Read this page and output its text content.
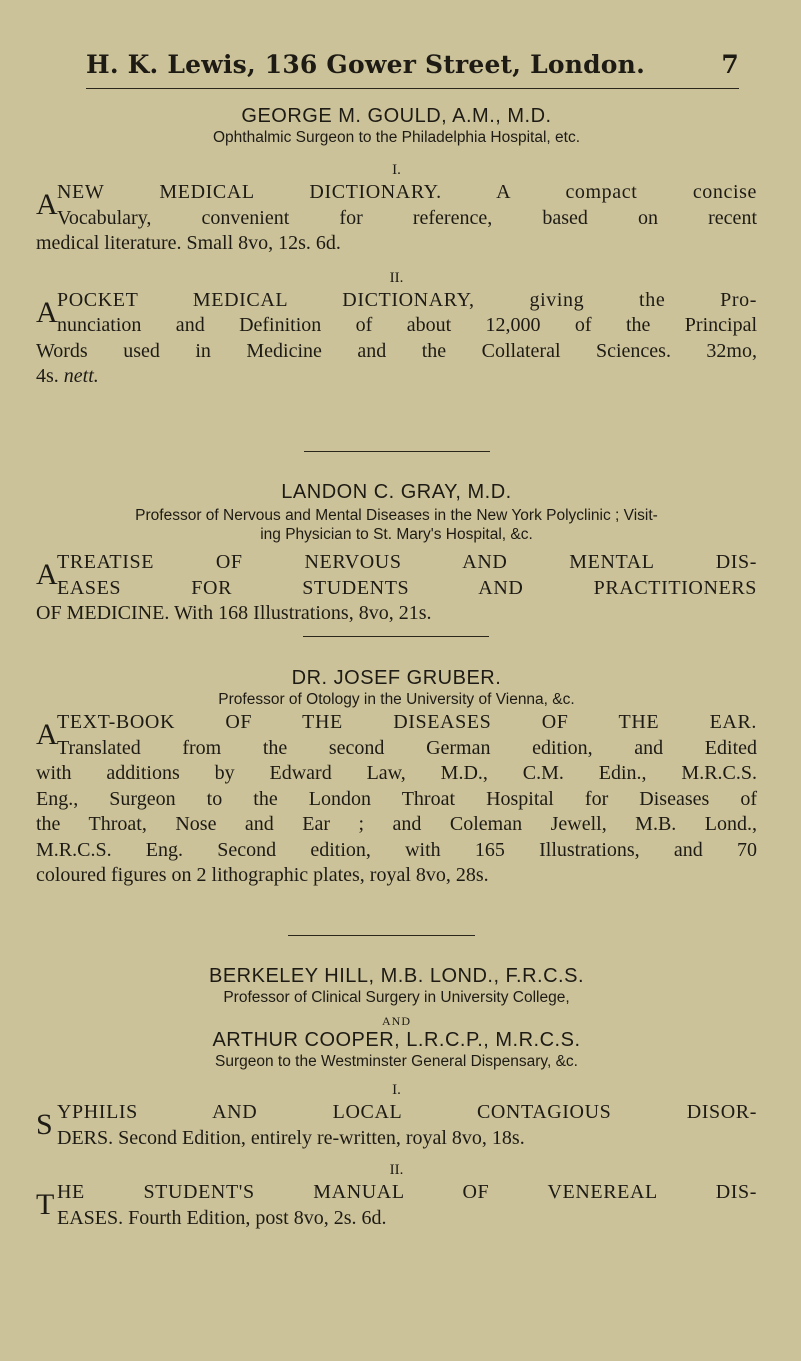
H. K. Lewis, 136 Gower Street, London.	7

GEORGE M. GOULD, A.M., M.D.

Ophthalmic Surgeon to the Philadelphia Hospital, etc.

I.

A NEW MEDICAL DICTIONARY. A compact concise
Vocabulary, convenient for reference, based on recent
medical literature. Small 8vo, 12s. 6d.

II.

A POCKET MEDICAL DICTIONARY, giving the Pro-
nunciation and Definition of about 12,000 of the Principal
Words used in Medicine and the Collateral Sciences. 32mo,
4s. nett.

LANDON C. GRAY, M.D.

Professor of Nervous and Mental Diseases in the New York Polyclinic ; Visit-

ing Physician to St. Mary's Hospital, &c.

A TREATISE OF NERVOUS AND MENTAL DIS-
EASES FOR STUDENTS AND PRACTITIONERS
OF MEDICINE. With 168 Illustrations, 8vo, 21s.

DR. JOSEF GRUBER.

Professor of Otology in the University of Vienna, &c.

A TEXT-BOOK OF THE DISEASES OF THE EAR.
Translated from the second German edition, and Edited
with additions by Edward Law, M.D., C.M. Edin., M.R.C.S.
Eng., Surgeon to the London Throat Hospital for Diseases of
the Throat, Nose and Ear ; and Coleman Jewell, M.B. Lond.,
M.R.C.S. Eng. Second edition, with 165 Illustrations, and 70
coloured figures on 2 lithographic plates, royal 8vo, 28s.

BERKELEY HILL, M.B. LOND., F.R.C.S.

Professor of Clinical Surgery in University College,

AND

ARTHUR COOPER, L.R.C.P., M.R.C.S.

Surgeon to the Westminster General Dispensary, &c.

I.

S YPHILIS AND LOCAL CONTAGIOUS DISOR-
DERS. Second Edition, entirely re-written, royal 8vo, 18s.

II.

T HE STUDENT'S MANUAL OF VENEREAL DIS-
EASES. Fourth Edition, post 8vo, 2s. 6d.
